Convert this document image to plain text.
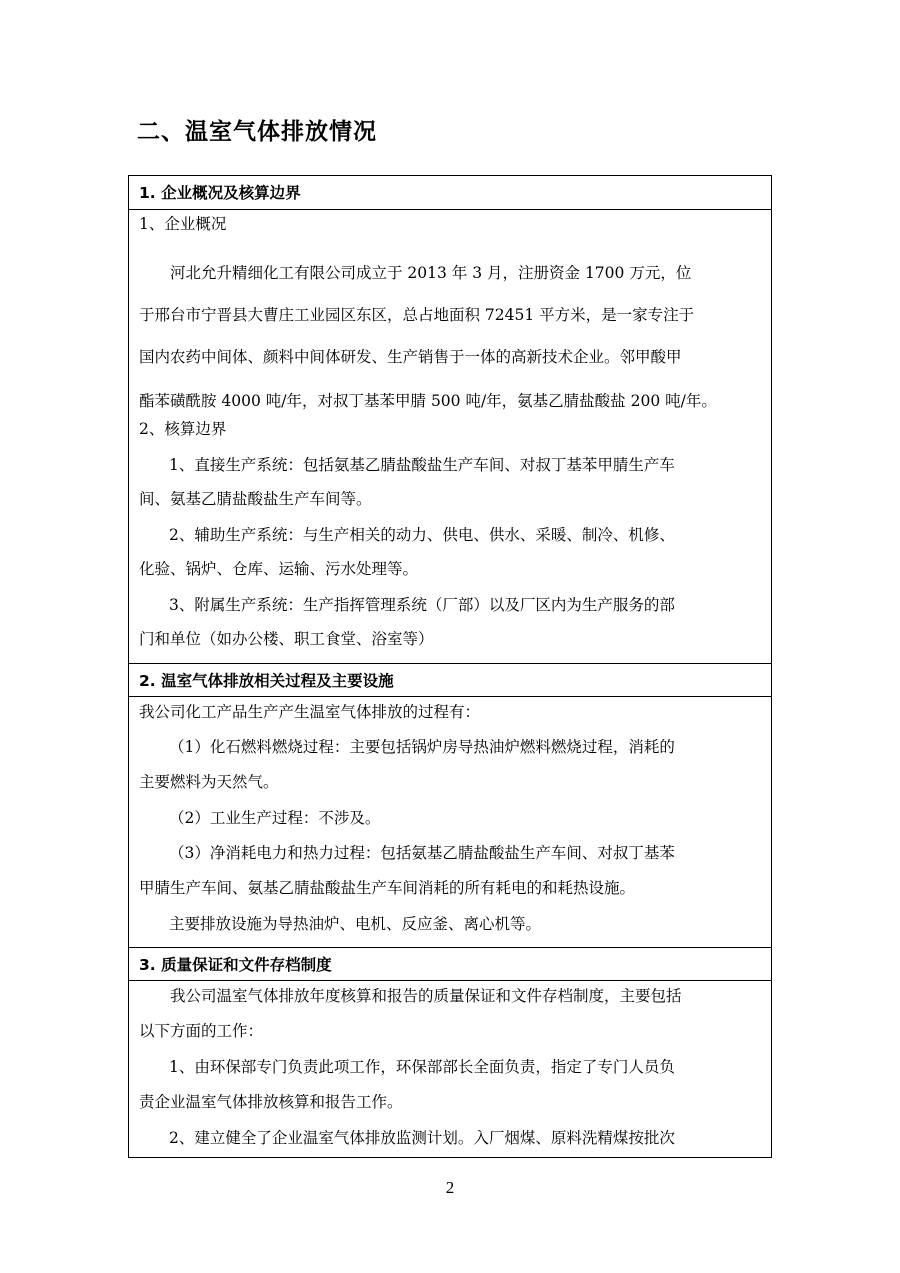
二、温室气体排放情况
1. 企业概况及核算边界
1、企业概况
河北允升精细化工有限公司成立于 2013 年 3 月，注册资金 1700 万元，位
于邢台市宁晋县大曹庄工业园区东区，总占地面积 72451 平方米，是一家专注于
国内农药中间体、颜料中间体研发、生产销售于一体的高新技术企业。邻甲酸甲
酯苯磺酰胺 4000 吨/年，对叔丁基苯甲腈 500 吨/年，氨基乙腈盐酸盐 200 吨/年。
2、核算边界
1、直接生产系统：包括氨基乙腈盐酸盐生产车间、对叔丁基苯甲腈生产车
间、氨基乙腈盐酸盐生产车间等。
2、辅助生产系统：与生产相关的动力、供电、供水、采暖、制冷、机修、
化验、锅炉、仓库、运输、污水处理等。
3、附属生产系统：生产指挥管理系统（厂部）以及厂区内为生产服务的部
门和单位（如办公楼、职工食堂、浴室等）
2. 温室气体排放相关过程及主要设施
我公司化工产品生产产生温室气体排放的过程有：
（1）化石燃料燃烧过程：主要包括锅炉房导热油炉燃料燃烧过程，消耗的
主要燃料为天然气。
（2）工业生产过程：不涉及。
（3）净消耗电力和热力过程：包括氨基乙腈盐酸盐生产车间、对叔丁基苯
甲腈生产车间、氨基乙腈盐酸盐生产车间消耗的所有耗电的和耗热设施。
主要排放设施为导热油炉、电机、反应釜、离心机等。
3. 质量保证和文件存档制度
我公司温室气体排放年度核算和报告的质量保证和文件存档制度，主要包括
以下方面的工作：
1、由环保部专门负责此项工作，环保部部长全面负责，指定了专门人员负
责企业温室气体排放核算和报告工作。
2、建立健全了企业温室气体排放监测计划。入厂烟煤、原料洗精煤按批次
2
